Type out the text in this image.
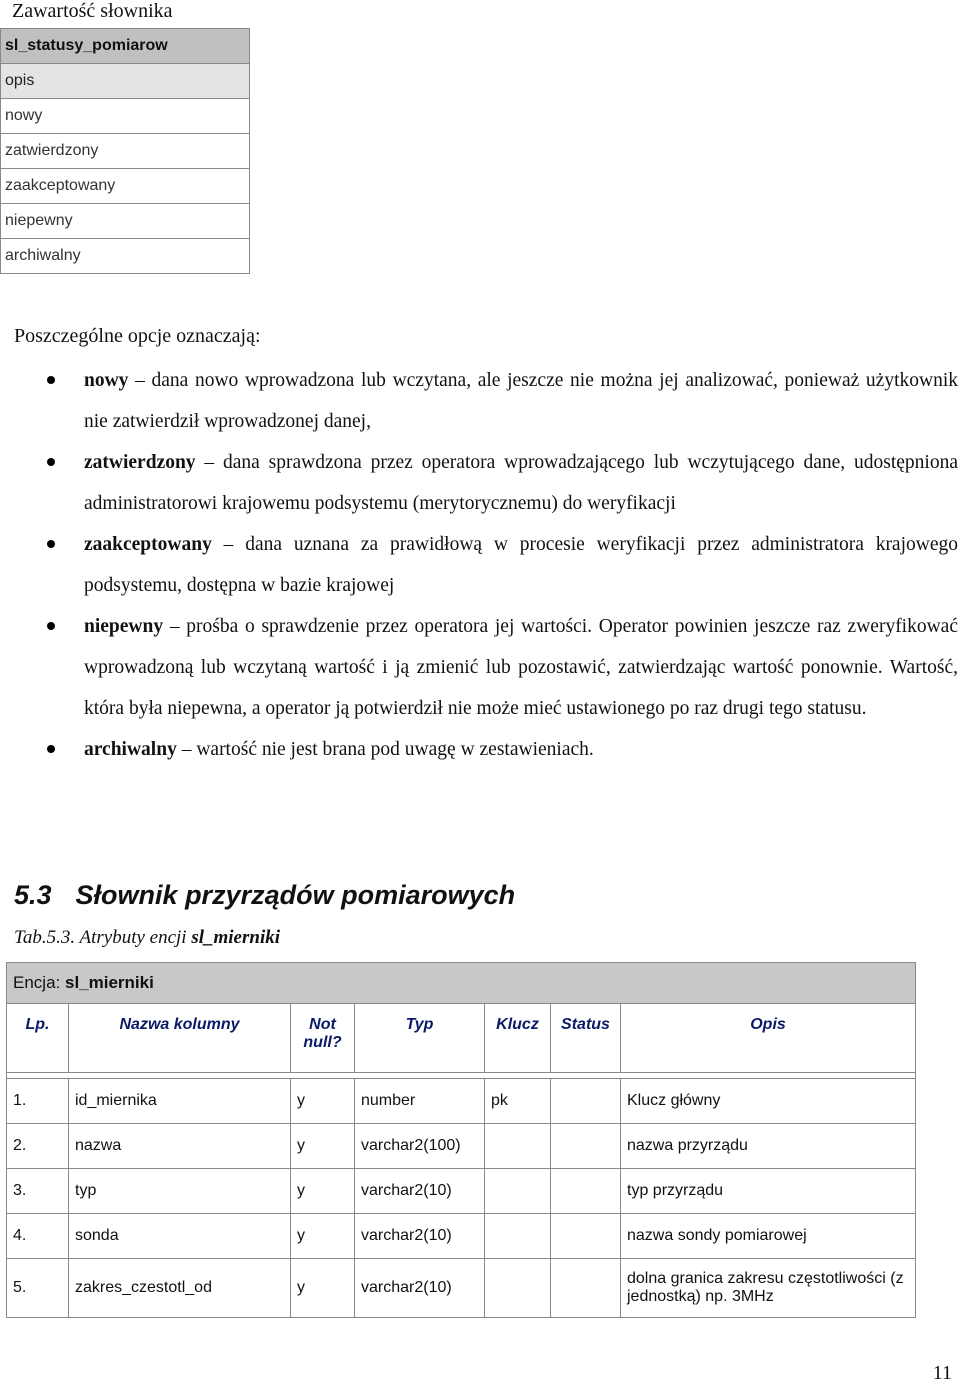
Zawartość słownika
sl_statusy_pomiarow
opis
nowy
zatwierdzony
zaakceptowany
niepewny
archiwalny
Poszczególne opcje oznaczają:
nowy – dana nowo wprowadzona lub wczytana, ale jeszcze nie można jej analizować, ponieważ użytkownik nie zatwierdził wprowadzonej danej,
zatwierdzony – dana sprawdzona przez operatora wprowadzającego lub wczytującego dane, udostępniona administratorowi krajowemu podsystemu (merytorycznemu) do weryfikacji
zaakceptowany – dana uznana za prawidłową w procesie weryfikacji przez administratora krajowego podsystemu, dostępna w bazie krajowej
niepewny – prośba o sprawdzenie przez operatora jej wartości. Operator powinien jeszcze raz zweryfikować wprowadzoną lub wczytaną wartość i ją zmienić lub pozostawić, zatwierdzając wartość ponownie. Wartość, która była niepewna, a operator ją potwierdził nie może mieć ustawionego po raz drugi tego statusu.
archiwalny – wartość nie jest brana pod uwagę w zestawieniach.
5.3 Słownik przyrządów pomiarowych
Tab.5.3. Atrybuty encji sl_mierniki
Encja: sl_mierniki						
Lp.	Nazwa kolumny	Not null?	Typ	Klucz	Status	Opis

1.	id_miernika	y	number	pk		Klucz główny
2.	nazwa	y	varchar2(100)			nazwa przyrządu
3.	typ	y	varchar2(10)			typ przyrządu
4.	sonda	y	varchar2(10)			nazwa sondy pomiarowej
5.	zakres_czestotl_od	y	varchar2(10)			dolna granica zakresu częstotliwości (z jednostką) np. 3MHz
11
